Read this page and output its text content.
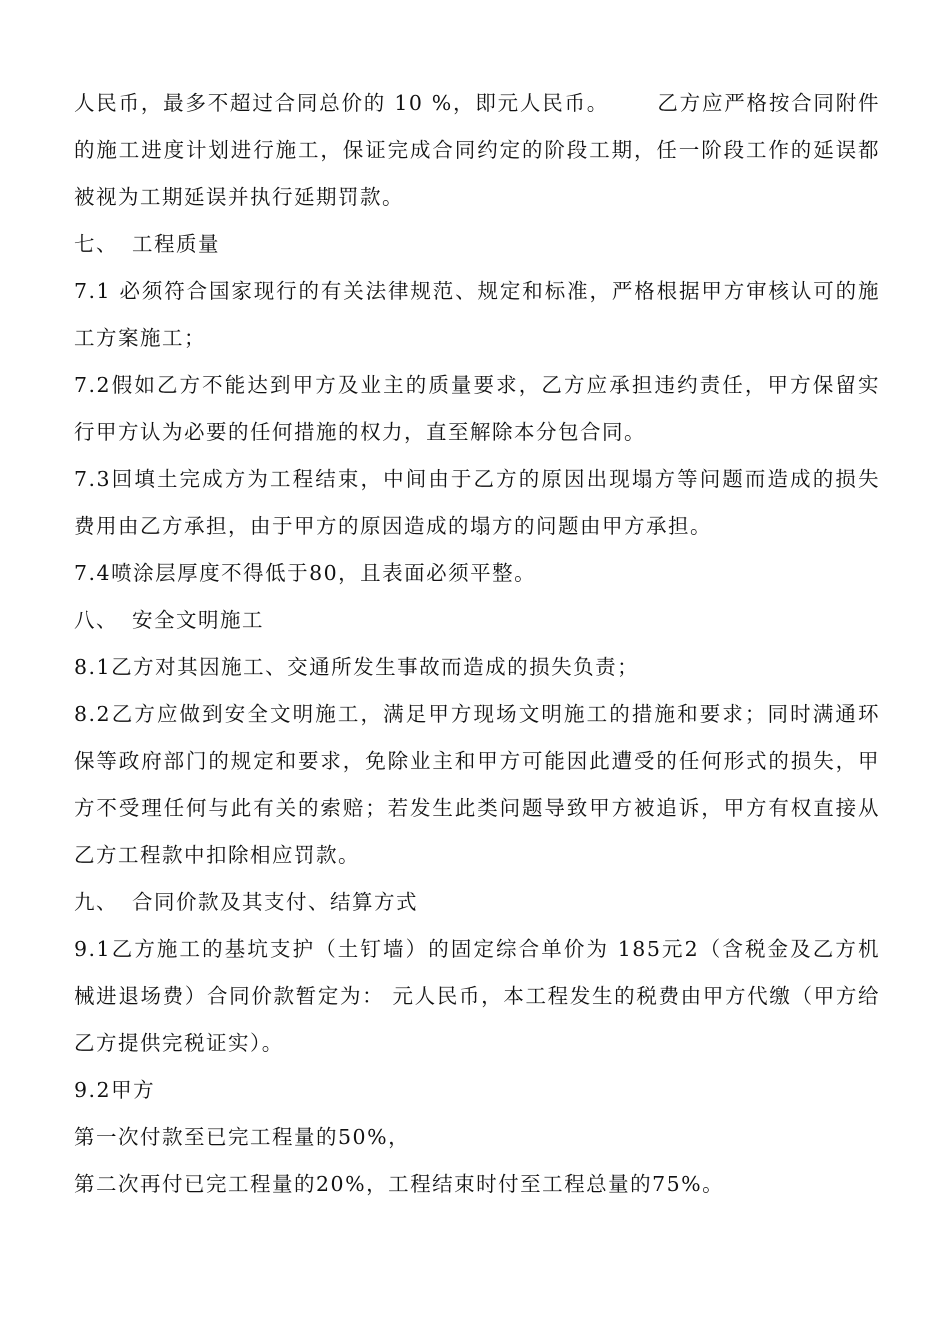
人民币，最多不超过合同总价的 10 %，即元人民币。 乙方应严格按合同附件的施工进度计划进行施工，保证完成合同约定的阶段工期，任一阶段工作的延误都被视为工期延误并执行延期罚款。

七、 工程质量

7.1 必须符合国家现行的有关法律规范、规定和标准，严格根据甲方审核认可的施工方案施工；

7.2假如乙方不能达到甲方及业主的质量要求，乙方应承担违约责任，甲方保留实行甲方认为必要的任何措施的权力，直至解除本分包合同。

7.3回填土完成方为工程结束，中间由于乙方的原因出现塌方等问题而造成的损失费用由乙方承担，由于甲方的原因造成的塌方的问题由甲方承担。

7.4喷涂层厚度不得低于80，且表面必须平整。

八、 安全文明施工

8.1乙方对其因施工、交通所发生事故而造成的损失负责；

8.2乙方应做到安全文明施工，满足甲方现场文明施工的措施和要求；同时满通环保等政府部门的规定和要求，免除业主和甲方可能因此遭受的任何形式的损失，甲方不受理任何与此有关的索赔；若发生此类问题导致甲方被追诉，甲方有权直接从乙方工程款中扣除相应罚款。

九、 合同价款及其支付、结算方式

9.1乙方施工的基坑支护（土钉墙）的固定综合单价为 185元2（含税金及乙方机械进退场费）合同价款暂定为： 元人民币，本工程发生的税费由甲方代缴（甲方给乙方提供完税证实）。

9.2甲方

第一次付款至已完工程量的50%，

第二次再付已完工程量的20%，工程结束时付至工程总量的75%。
